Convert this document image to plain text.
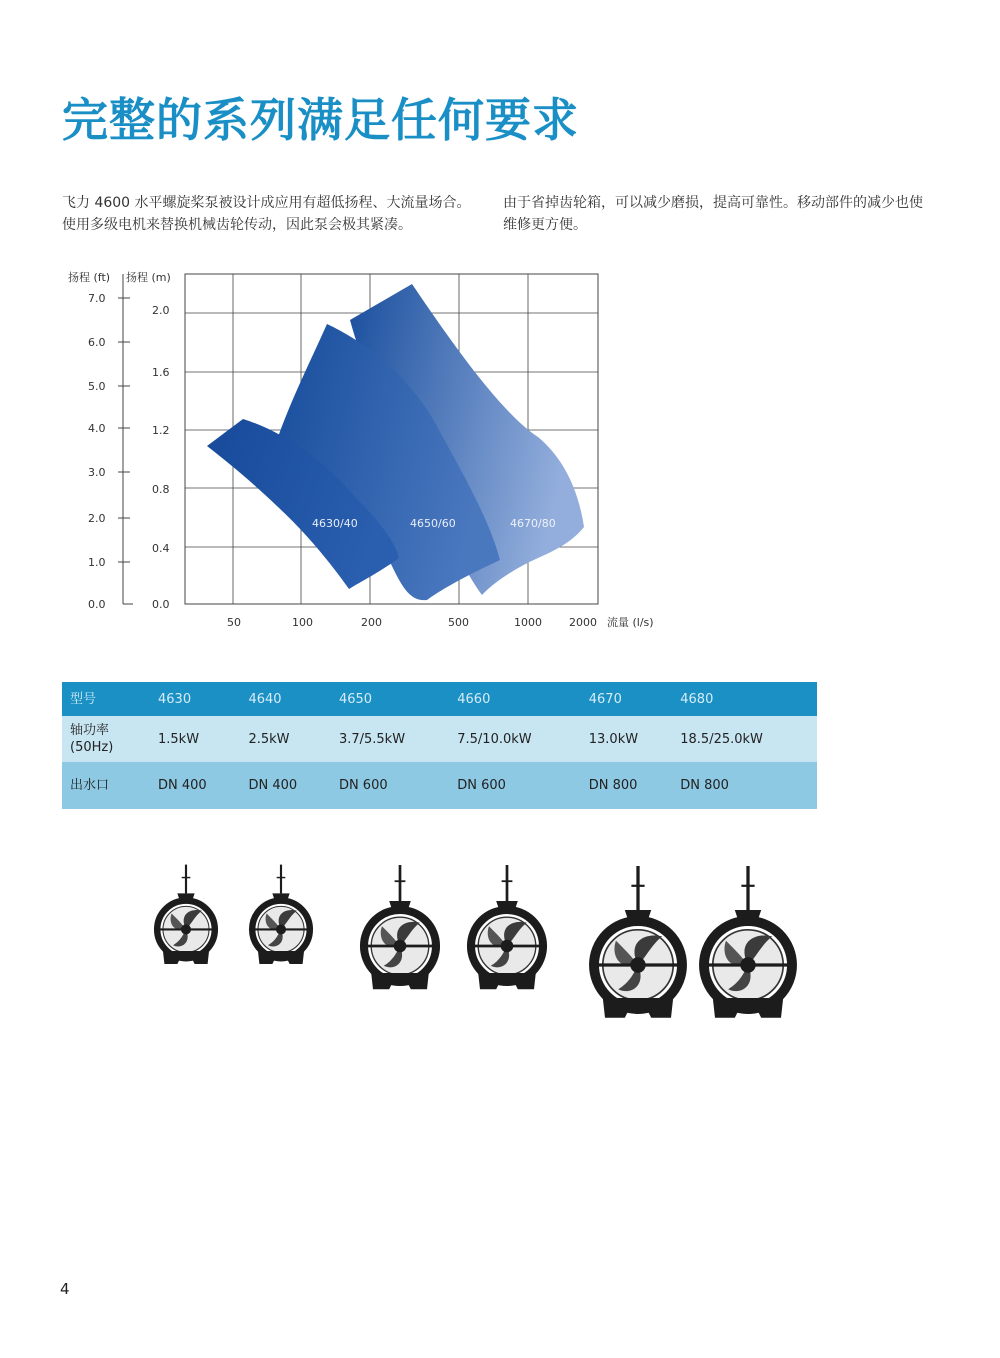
完整的系列满足任何要求

飞力 4600 水平螺旋桨泵被设计成应用有超低扬程、大流量场合。使用多级电机来替换机械齿轮传动，因此泵会极其紧凑。

由于省掉齿轮箱，可以减少磨损，提高可靠性。移动部件的减少也使维修更方便。

4630/40	4650/60	4670/80
扬程 (ft) 扬程 (m)
0.0
1.0
2.0
3.0
4.0
5.0
6.0
7.0
0.0
0.4
0.8
1.2
1.6
2.0
50	100	200	500	1000 2000 流量 (l/s)
型号	4630	4640	4650	4660	4670	4680

轴功率
(50Hz)	1.5kW	2.5kW	3.7/5.5kW	7.5/10.0kW	13.0kW	18.5/25.0kW
出水口	DN 400	DN 400	DN 600	DN 600	DN 800	DN 800
4
